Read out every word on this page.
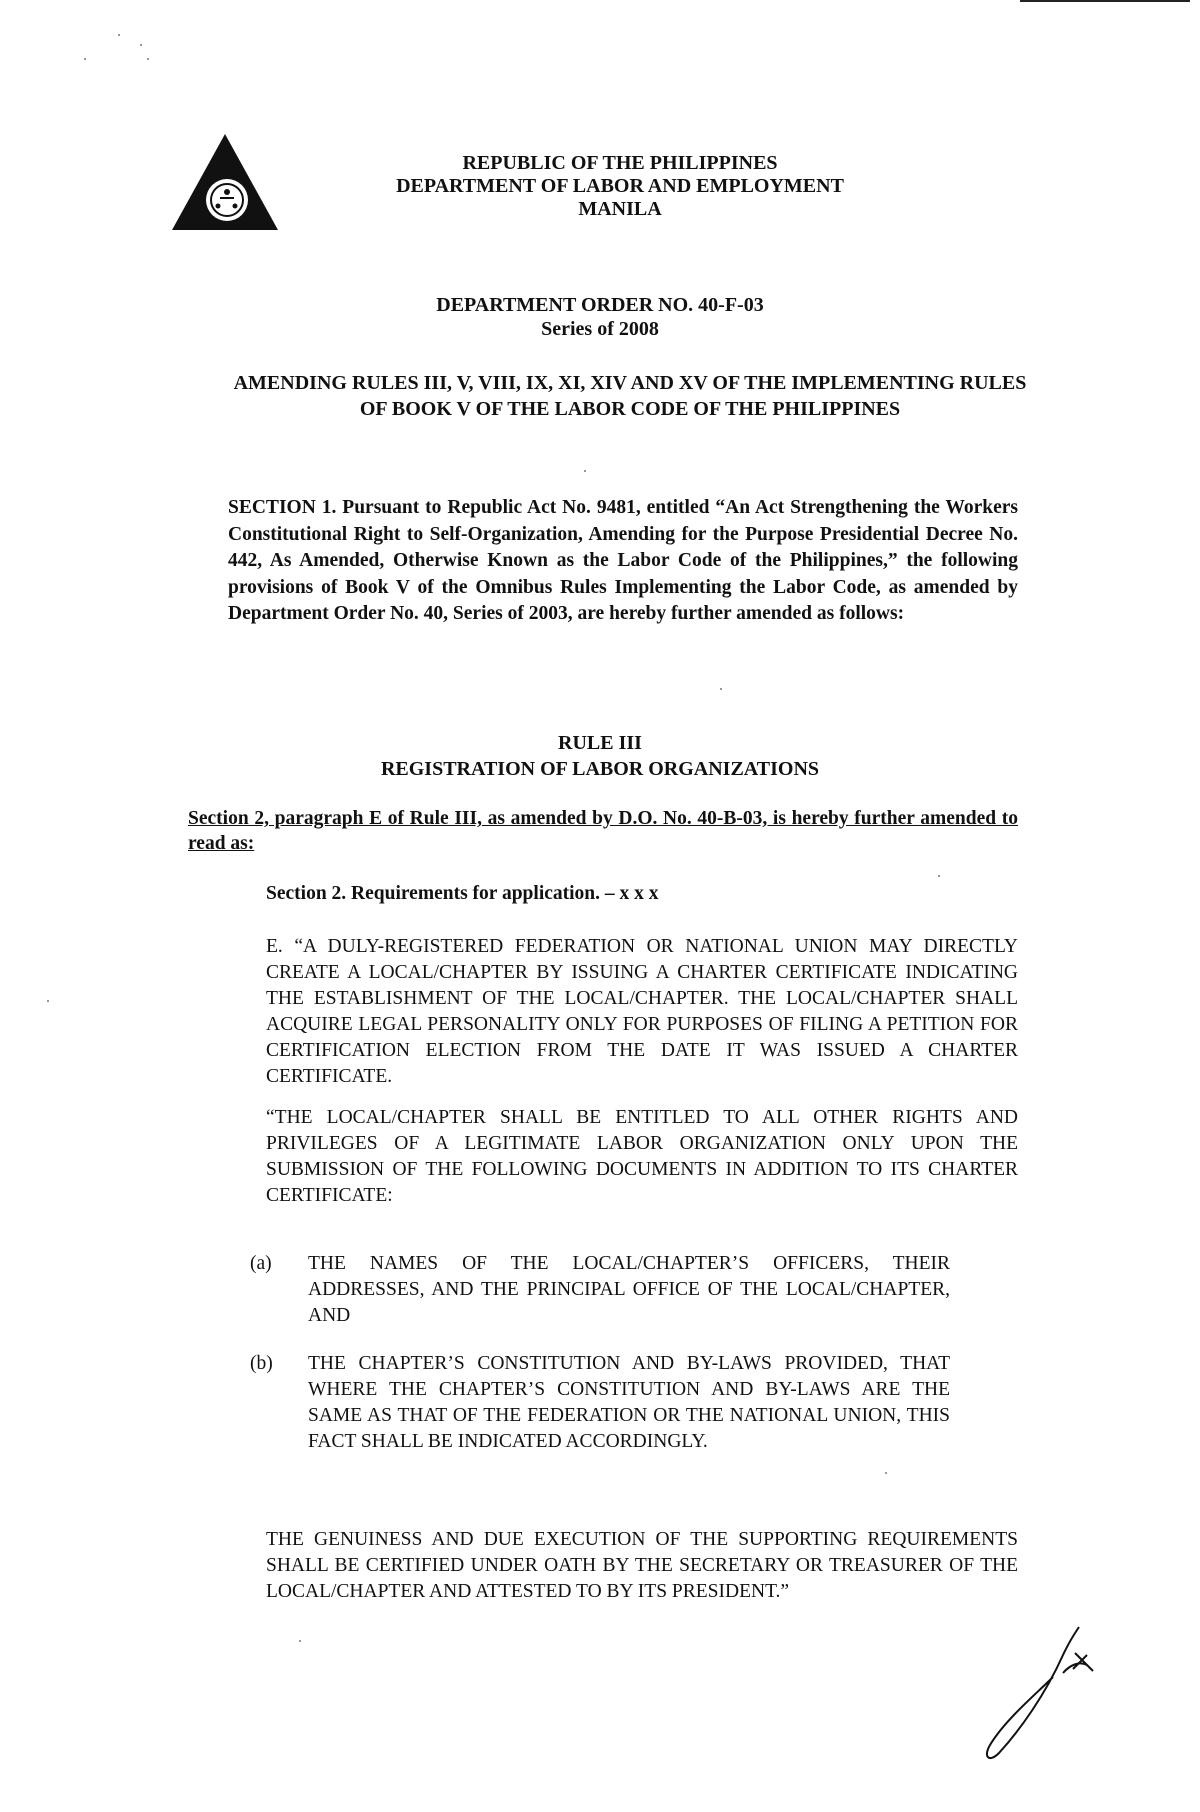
REPUBLIC OF THE PHILIPPINES
DEPARTMENT OF LABOR AND EMPLOYMENT
MANILA
DEPARTMENT ORDER NO. 40-F-03
Series of 2008
AMENDING RULES III, V, VIII, IX, XI, XIV AND XV OF THE IMPLEMENTING RULES OF BOOK V OF THE LABOR CODE OF THE PHILIPPINES
SECTION 1. Pursuant to Republic Act No. 9481, entitled “An Act Strengthening the Workers Constitutional Right to Self-Organization, Amending for the Purpose Presidential Decree No. 442, As Amended, Otherwise Known as the Labor Code of the Philippines,” the following provisions of Book V of the Omnibus Rules Implementing the Labor Code, as amended by Department Order No. 40, Series of 2003, are hereby further amended as follows:
RULE III
REGISTRATION OF LABOR ORGANIZATIONS
Section 2, paragraph E of Rule III, as amended by D.O. No. 40-B-03, is hereby further amended to read as:
Section 2. Requirements for application. – x x x
E. “A DULY-REGISTERED FEDERATION OR NATIONAL UNION MAY DIRECTLY CREATE A LOCAL/CHAPTER BY ISSUING A CHARTER CERTIFICATE INDICATING THE ESTABLISHMENT OF THE LOCAL/CHAPTER. THE LOCAL/CHAPTER SHALL ACQUIRE LEGAL PERSONALITY ONLY FOR PURPOSES OF FILING A PETITION FOR CERTIFICATION ELECTION FROM THE DATE IT WAS ISSUED A CHARTER CERTIFICATE.
“THE LOCAL/CHAPTER SHALL BE ENTITLED TO ALL OTHER RIGHTS AND PRIVILEGES OF A LEGITIMATE LABOR ORGANIZATION ONLY UPON THE SUBMISSION OF THE FOLLOWING DOCUMENTS IN ADDITION TO ITS CHARTER CERTIFICATE:
(a)	THE NAMES OF THE LOCAL/CHAPTER’S OFFICERS, THEIR ADDRESSES, AND THE PRINCIPAL OFFICE OF THE LOCAL/CHAPTER, AND
(b)	THE CHAPTER’S CONSTITUTION AND BY-LAWS PROVIDED, THAT WHERE THE CHAPTER’S CONSTITUTION AND BY-LAWS ARE THE SAME AS THAT OF THE FEDERATION OR THE NATIONAL UNION, THIS FACT SHALL BE INDICATED ACCORDINGLY.
THE GENUINESS AND DUE EXECUTION OF THE SUPPORTING REQUIREMENTS SHALL BE CERTIFIED UNDER OATH BY THE SECRETARY OR TREASURER OF THE LOCAL/CHAPTER AND ATTESTED TO BY ITS PRESIDENT.”
